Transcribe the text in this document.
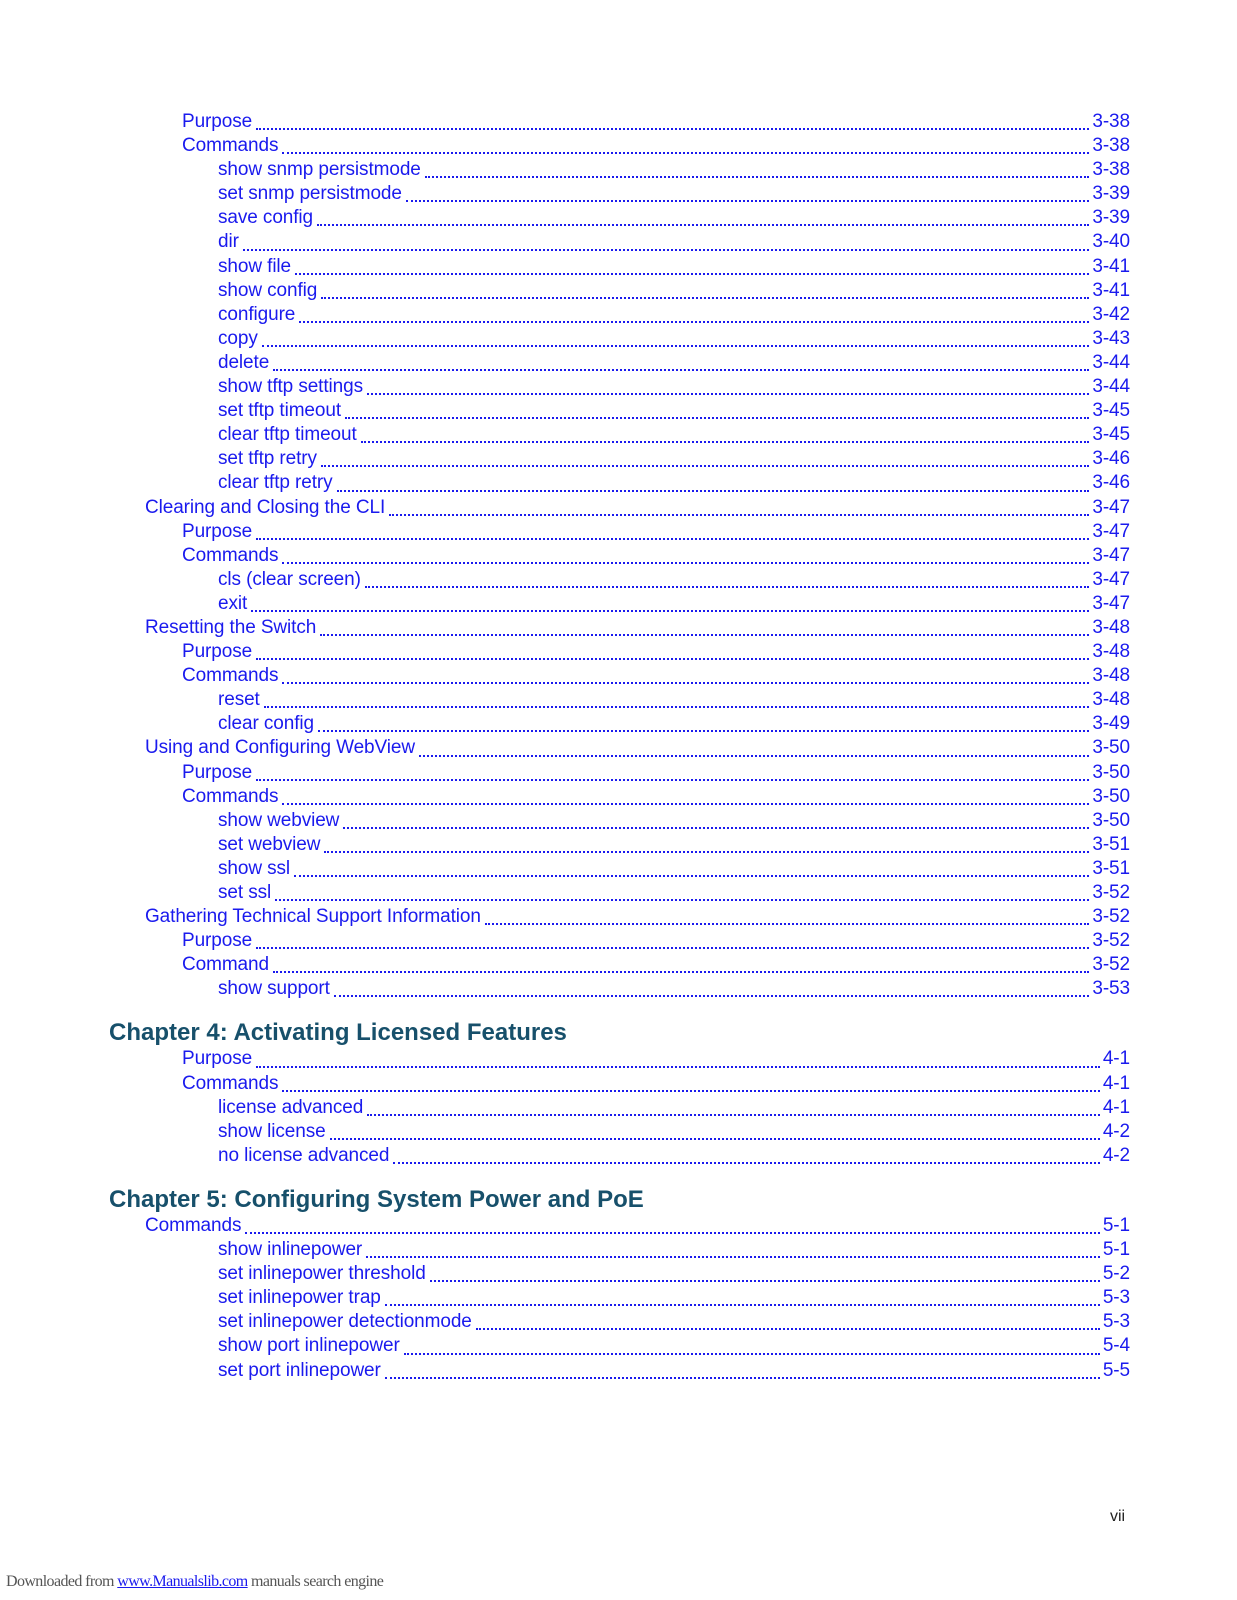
Purpose	3-38
Commands	3-38
show snmp persistmode	3-38
set snmp persistmode	3-39
save config	3-39
dir	3-40
show file	3-41
show config	3-41
configure	3-42
copy	3-43
delete	3-44
show tftp settings	3-44
set tftp timeout	3-45
clear tftp timeout	3-45
set tftp retry	3-46
clear tftp retry	3-46
Clearing and Closing the CLI	3-47
Purpose	3-47
Commands	3-47
cls (clear screen)	3-47
exit	3-47
Resetting the Switch	3-48
Purpose	3-48
Commands	3-48
reset	3-48
clear config	3-49
Using and Configuring WebView	3-50
Purpose	3-50
Commands	3-50
show webview	3-50
set webview	3-51
show ssl	3-51
set ssl	3-52
Gathering Technical Support Information	3-52
Purpose	3-52
Command	3-52
show support	3-53
Chapter 4: Activating Licensed Features
Purpose	4-1
Commands	4-1
license advanced	4-1
show license	4-2
no license advanced	4-2
Chapter 5: Configuring System Power and PoE
Commands	5-1
show inlinepower	5-1
set inlinepower threshold	5-2
set inlinepower trap	5-3
set inlinepower detectionmode	5-3
show port inlinepower	5-4
set port inlinepower	5-5
vii
Downloaded from www.Manualslib.com manuals search engine
